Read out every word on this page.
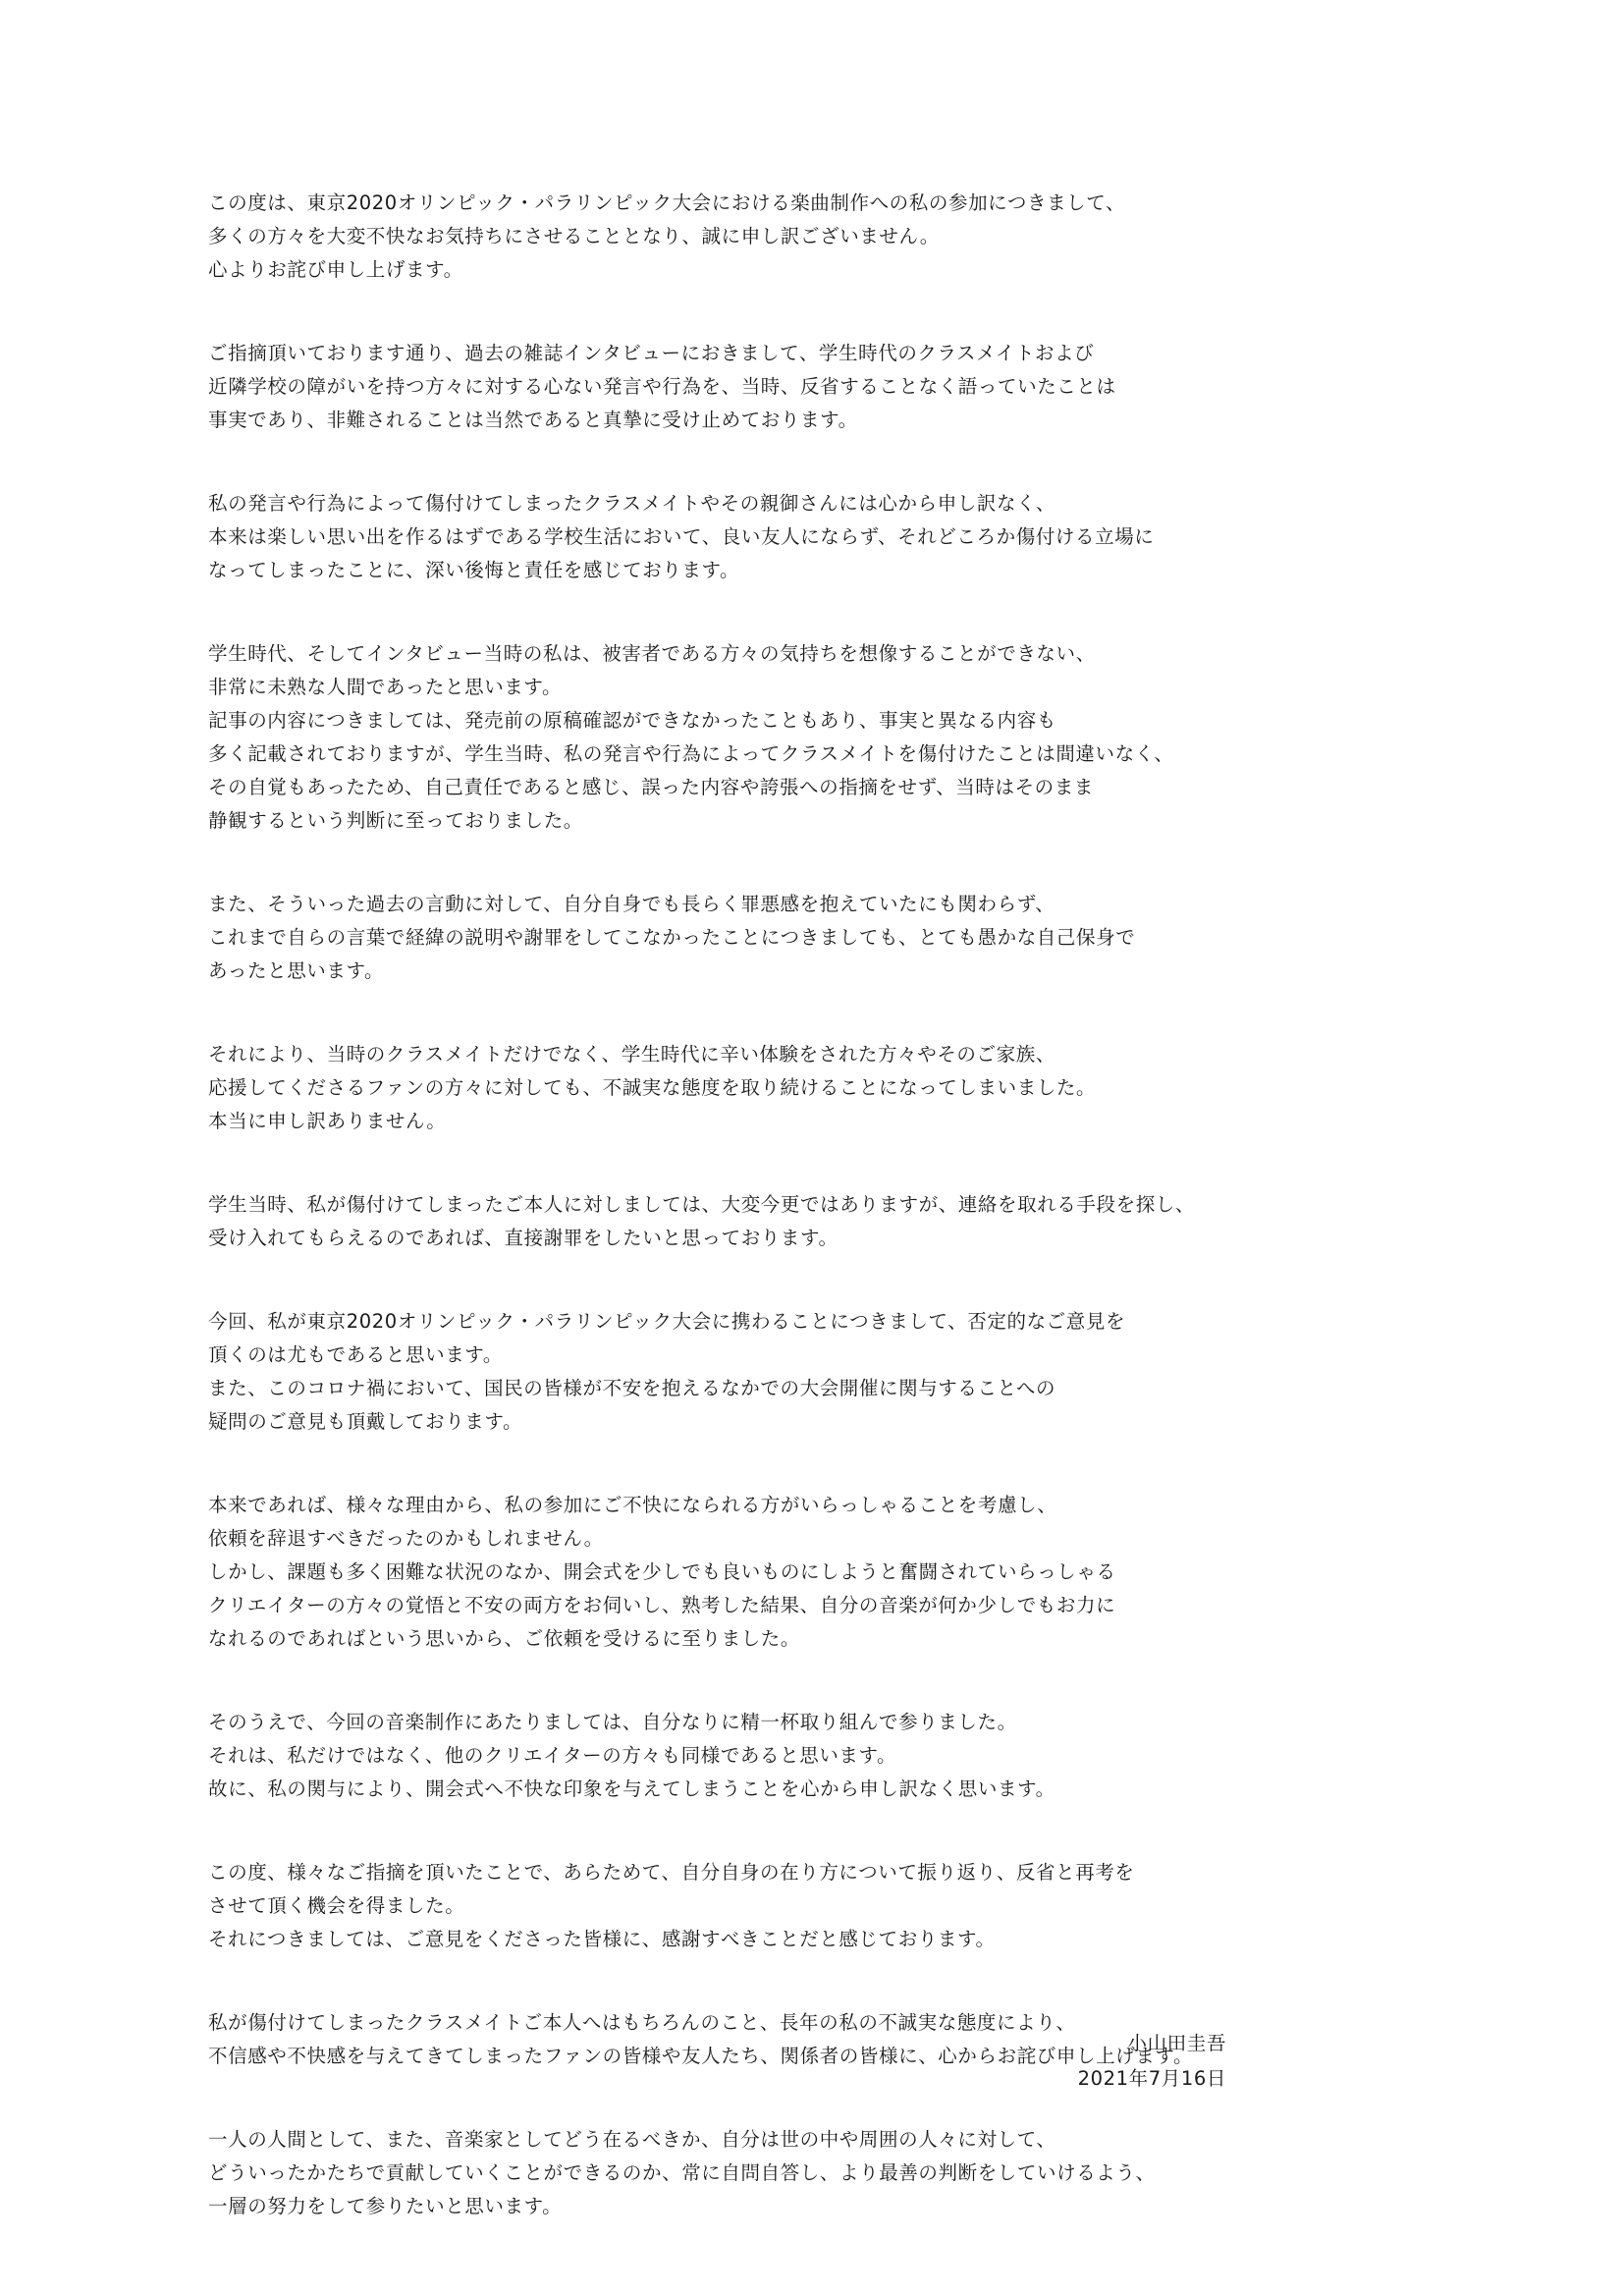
この度は、東京2020オリンピック・パラリンピック大会における楽曲制作への私の参加につきまして、
多くの方々を大変不快なお気持ちにさせることとなり、誠に申し訳ございません。
心よりお詫び申し上げます。
ご指摘頂いております通り、過去の雑誌インタビューにおきまして、学生時代のクラスメイトおよび
近隣学校の障がいを持つ方々に対する心ない発言や行為を、当時、反省することなく語っていたことは
事実であり、非難されることは当然であると真摯に受け止めております。
私の発言や行為によって傷付けてしまったクラスメイトやその親御さんには心から申し訳なく、
本来は楽しい思い出を作るはずである学校生活において、良い友人にならず、それどころか傷付ける立場に
なってしまったことに、深い後悔と責任を感じております。
学生時代、そしてインタビュー当時の私は、被害者である方々の気持ちを想像することができない、
非常に未熟な人間であったと思います。
記事の内容につきましては、発売前の原稿確認ができなかったこともあり、事実と異なる内容も
多く記載されておりますが、学生当時、私の発言や行為によってクラスメイトを傷付けたことは間違いなく、
その自覚もあったため、自己責任であると感じ、誤った内容や誇張への指摘をせず、当時はそのまま
静観するという判断に至っておりました。
また、そういった過去の言動に対して、自分自身でも長らく罪悪感を抱えていたにも関わらず、
これまで自らの言葉で経緯の説明や謝罪をしてこなかったことにつきましても、とても愚かな自己保身で
あったと思います。
それにより、当時のクラスメイトだけでなく、学生時代に辛い体験をされた方々やそのご家族、
応援してくださるファンの方々に対しても、不誠実な態度を取り続けることになってしまいました。
本当に申し訳ありません。
学生当時、私が傷付けてしまったご本人に対しましては、大変今更ではありますが、連絡を取れる手段を探し、
受け入れてもらえるのであれば、直接謝罪をしたいと思っております。
今回、私が東京2020オリンピック・パラリンピック大会に携わることにつきまして、否定的なご意見を
頂くのは尤もであると思います。
また、このコロナ禍において、国民の皆様が不安を抱えるなかでの大会開催に関与することへの
疑問のご意見も頂戴しております。
本来であれば、様々な理由から、私の参加にご不快になられる方がいらっしゃることを考慮し、
依頼を辞退すべきだったのかもしれません。
しかし、課題も多く困難な状況のなか、開会式を少しでも良いものにしようと奮闘されていらっしゃる
クリエイターの方々の覚悟と不安の両方をお伺いし、熟考した結果、自分の音楽が何か少しでもお力に
なれるのであればという思いから、ご依頼を受けるに至りました。
そのうえで、今回の音楽制作にあたりましては、自分なりに精一杯取り組んで参りました。
それは、私だけではなく、他のクリエイターの方々も同様であると思います。
故に、私の関与により、開会式へ不快な印象を与えてしまうことを心から申し訳なく思います。
この度、様々なご指摘を頂いたことで、あらためて、自分自身の在り方について振り返り、反省と再考を
させて頂く機会を得ました。
それにつきましては、ご意見をくださった皆様に、感謝すべきことだと感じております。
私が傷付けてしまったクラスメイトご本人へはもちろんのこと、長年の私の不誠実な態度により、
不信感や不快感を与えてきてしまったファンの皆様や友人たち、関係者の皆様に、心からお詫び申し上げます。
一人の人間として、また、音楽家としてどう在るべきか、自分は世の中や周囲の人々に対して、
どういったかたちで貢献していくことができるのか、常に自問自答し、より最善の判断をしていけるよう、
一層の努力をして参りたいと思います。
小山田圭吾
2021年7月16日
